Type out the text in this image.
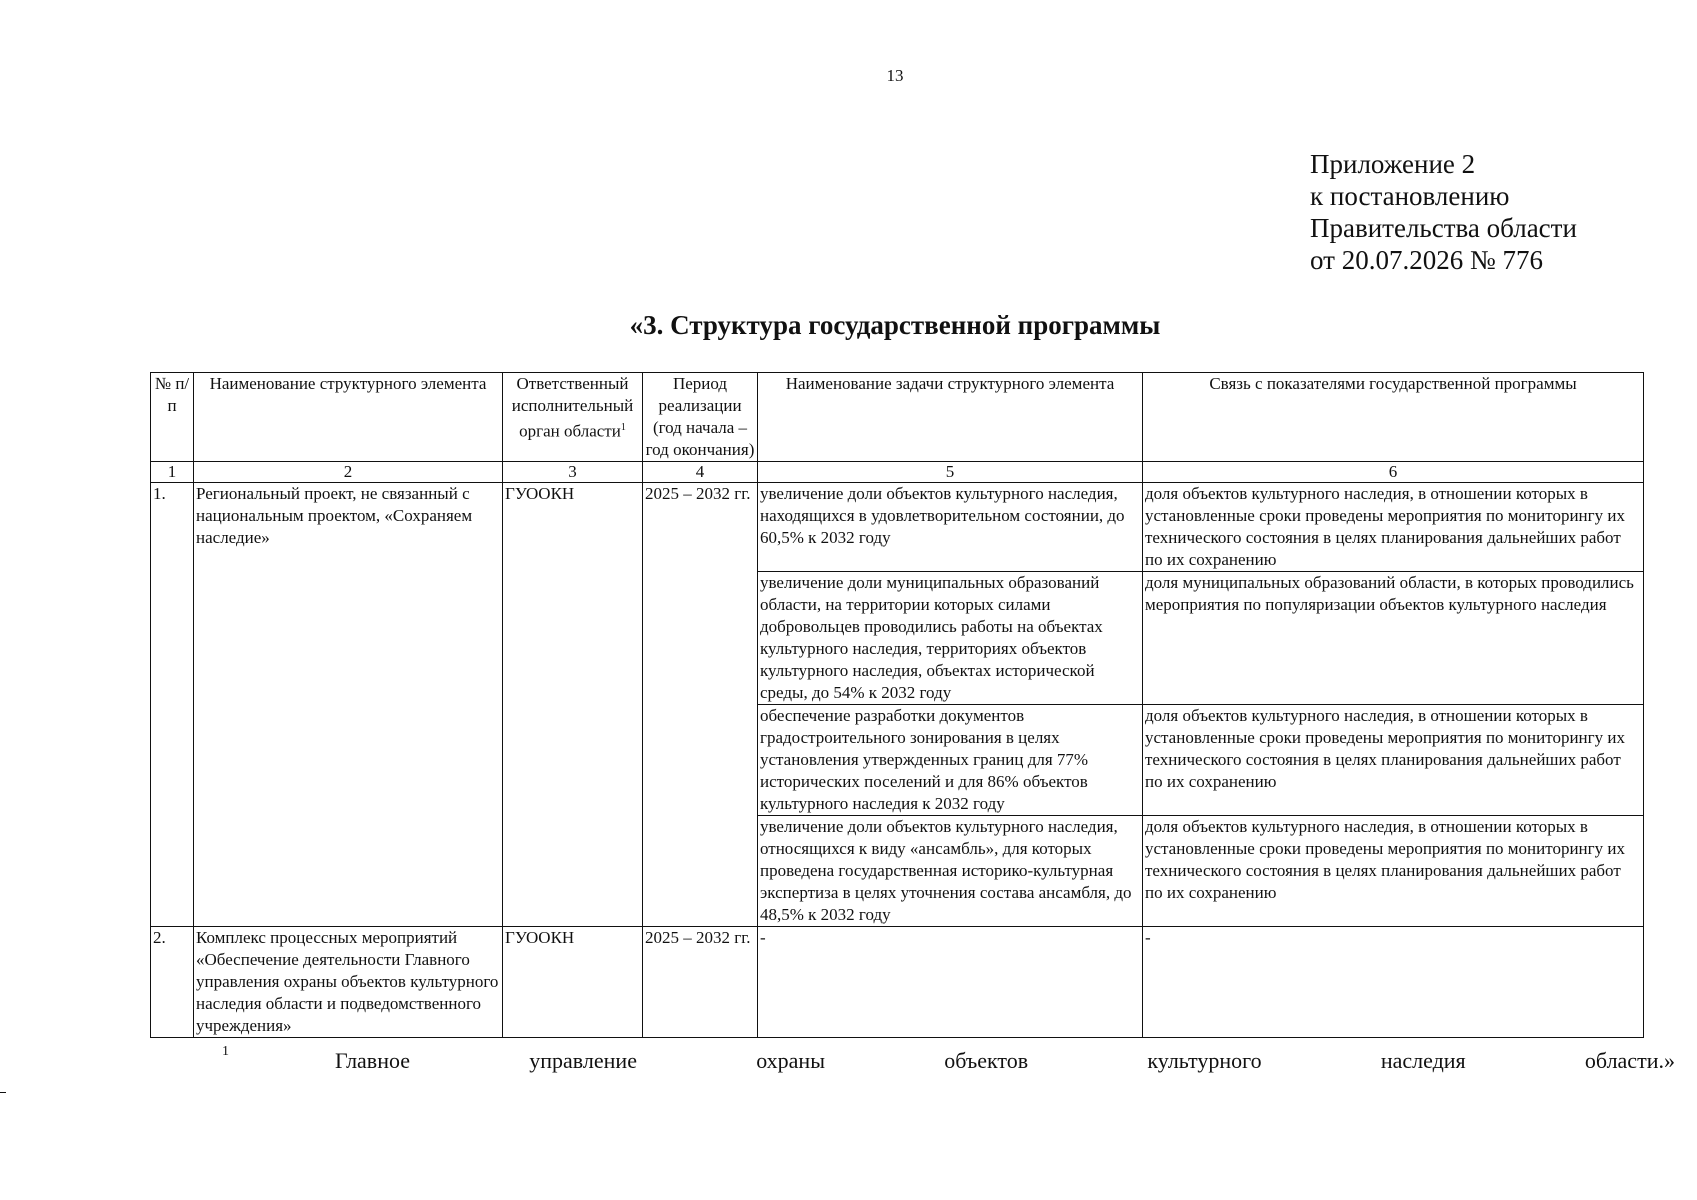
13
Приложение 2
к постановлению
Правительства области
от 20.07.2026 № 776
«3. Структура государственной программы
№ п/п	Наименование структурного элемента	Ответственный исполнительный орган области$^1$	Период реализации (год начала – год окончания)	Наименование задачи структурного элемента	Связь с показателями государственной программы
1	2	3	4	5	6
1.	Региональный проект, не связанный с национальным проектом, «Сохраняем наследие»	ГУООКН	2025 – 2032 гг.	увеличение доли объектов культурного наследия, находящихся в удовлетворительном состоянии, до 60,5% к 2032 году	доля объектов культурного наследия, в отношении которых в установленные сроки проведены мероприятия по мониторингу их технического состояния в целях планирования дальнейших работ по их сохранению
				увеличение доли муниципальных образований области, на территории которых силами добровольцев проводились работы на объектах культурного наследия, территориях объектов культурного наследия, объектах исторической среды, до 54% к 2032 году	доля муниципальных образований области, в которых проводились мероприятия по популяризации объектов культурного наследия
				обеспечение разработки документов градостроительного зонирования в целях установления утвержденных границ для 77% исторических поселений и для 86% объектов культурного наследия к 2032 году	доля объектов культурного наследия, в отношении которых в установленные сроки проведены мероприятия по мониторингу их технического состояния в целях планирования дальнейших работ по их сохранению
				увеличение доли объектов культурного наследия, относящихся к виду «ансамбль», для которых проведена государственная историко-культурная экспертиза в целях уточнения состава ансамбля, до 48,5% к 2032 году	доля объектов культурного наследия, в отношении которых в установленные сроки проведены мероприятия по мониторингу их технического состояния в целях планирования дальнейших работ по их сохранению
2.	Комплекс процессных мероприятий «Обеспечение деятельности Главного управления охраны объектов культурного наследия области и подведомственного учреждения»	ГУООКН	2025 – 2032 гг.	-	-
1	Главное	управление	охраны	объектов	культурного	наследия	области.»
